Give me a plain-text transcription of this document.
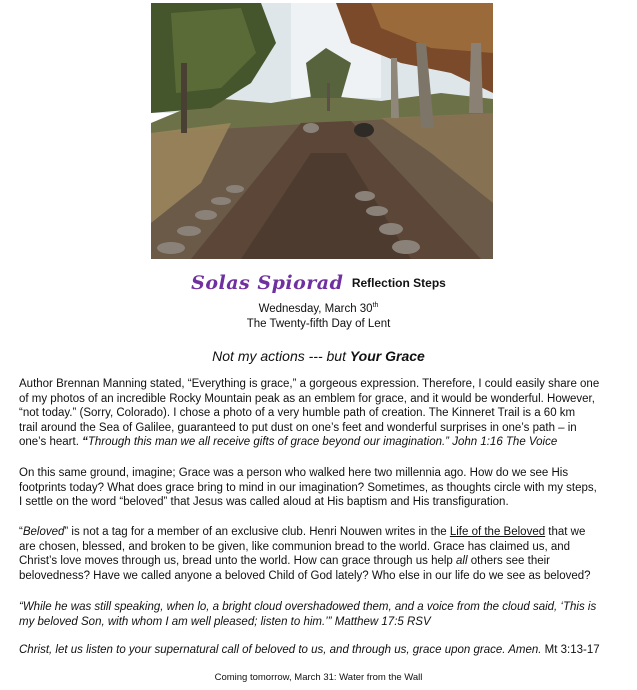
Solas Spiorad Reflection Steps
Wednesday, March 30th
The Twenty-fifth Day of Lent
Not my actions --- but Your Grace

Author Brennan Manning stated, “Everything is grace,” a gorgeous expression. Therefore, I could easily share one
of my photos of an incredible Rocky Mountain peak as an emblem for grace, and it would be wonderful. However,
“not today.” (Sorry, Colorado). I chose a photo of a very humble path of creation. The Kinneret Trail is a 60 km
trail around the Sea of Galilee, guaranteed to put dust on one’s feet and wonderful surprises in one’s path – in
one’s heart. “Through this man we all receive gifts of grace beyond our imagination.” John 1:16 The Voice

On this same ground, imagine; Grace was a person who walked here two millennia ago. How do we see His
footprints today? What does grace bring to mind in our imagination? Sometimes, as thoughts circle with my steps,
I settle on the word “beloved” that Jesus was called aloud at His baptism and His transfiguration.

“Beloved” is not a tag for a member of an exclusive club. Henri Nouwen writes in the Life of the Beloved that we
are chosen, blessed, and broken to be given, like communion bread to the world. Grace has claimed us, and
Christ’s love moves through us, bread unto the world. How can grace through us help all others see their
belovedness? Have we called anyone a beloved Child of God lately? Who else in our life do we see as beloved?

“While he was still speaking, when lo, a bright cloud overshadowed them, and a voice from the cloud said, ‘This is
my beloved Son, with whom I am well pleased; listen to him.’” Matthew 17:5 RSV

Christ, let us listen to your supernatural call of beloved to us, and through us, grace upon grace. Amen. Mt 3:13-17

Coming tomorrow, March 31: Water from the Wall
